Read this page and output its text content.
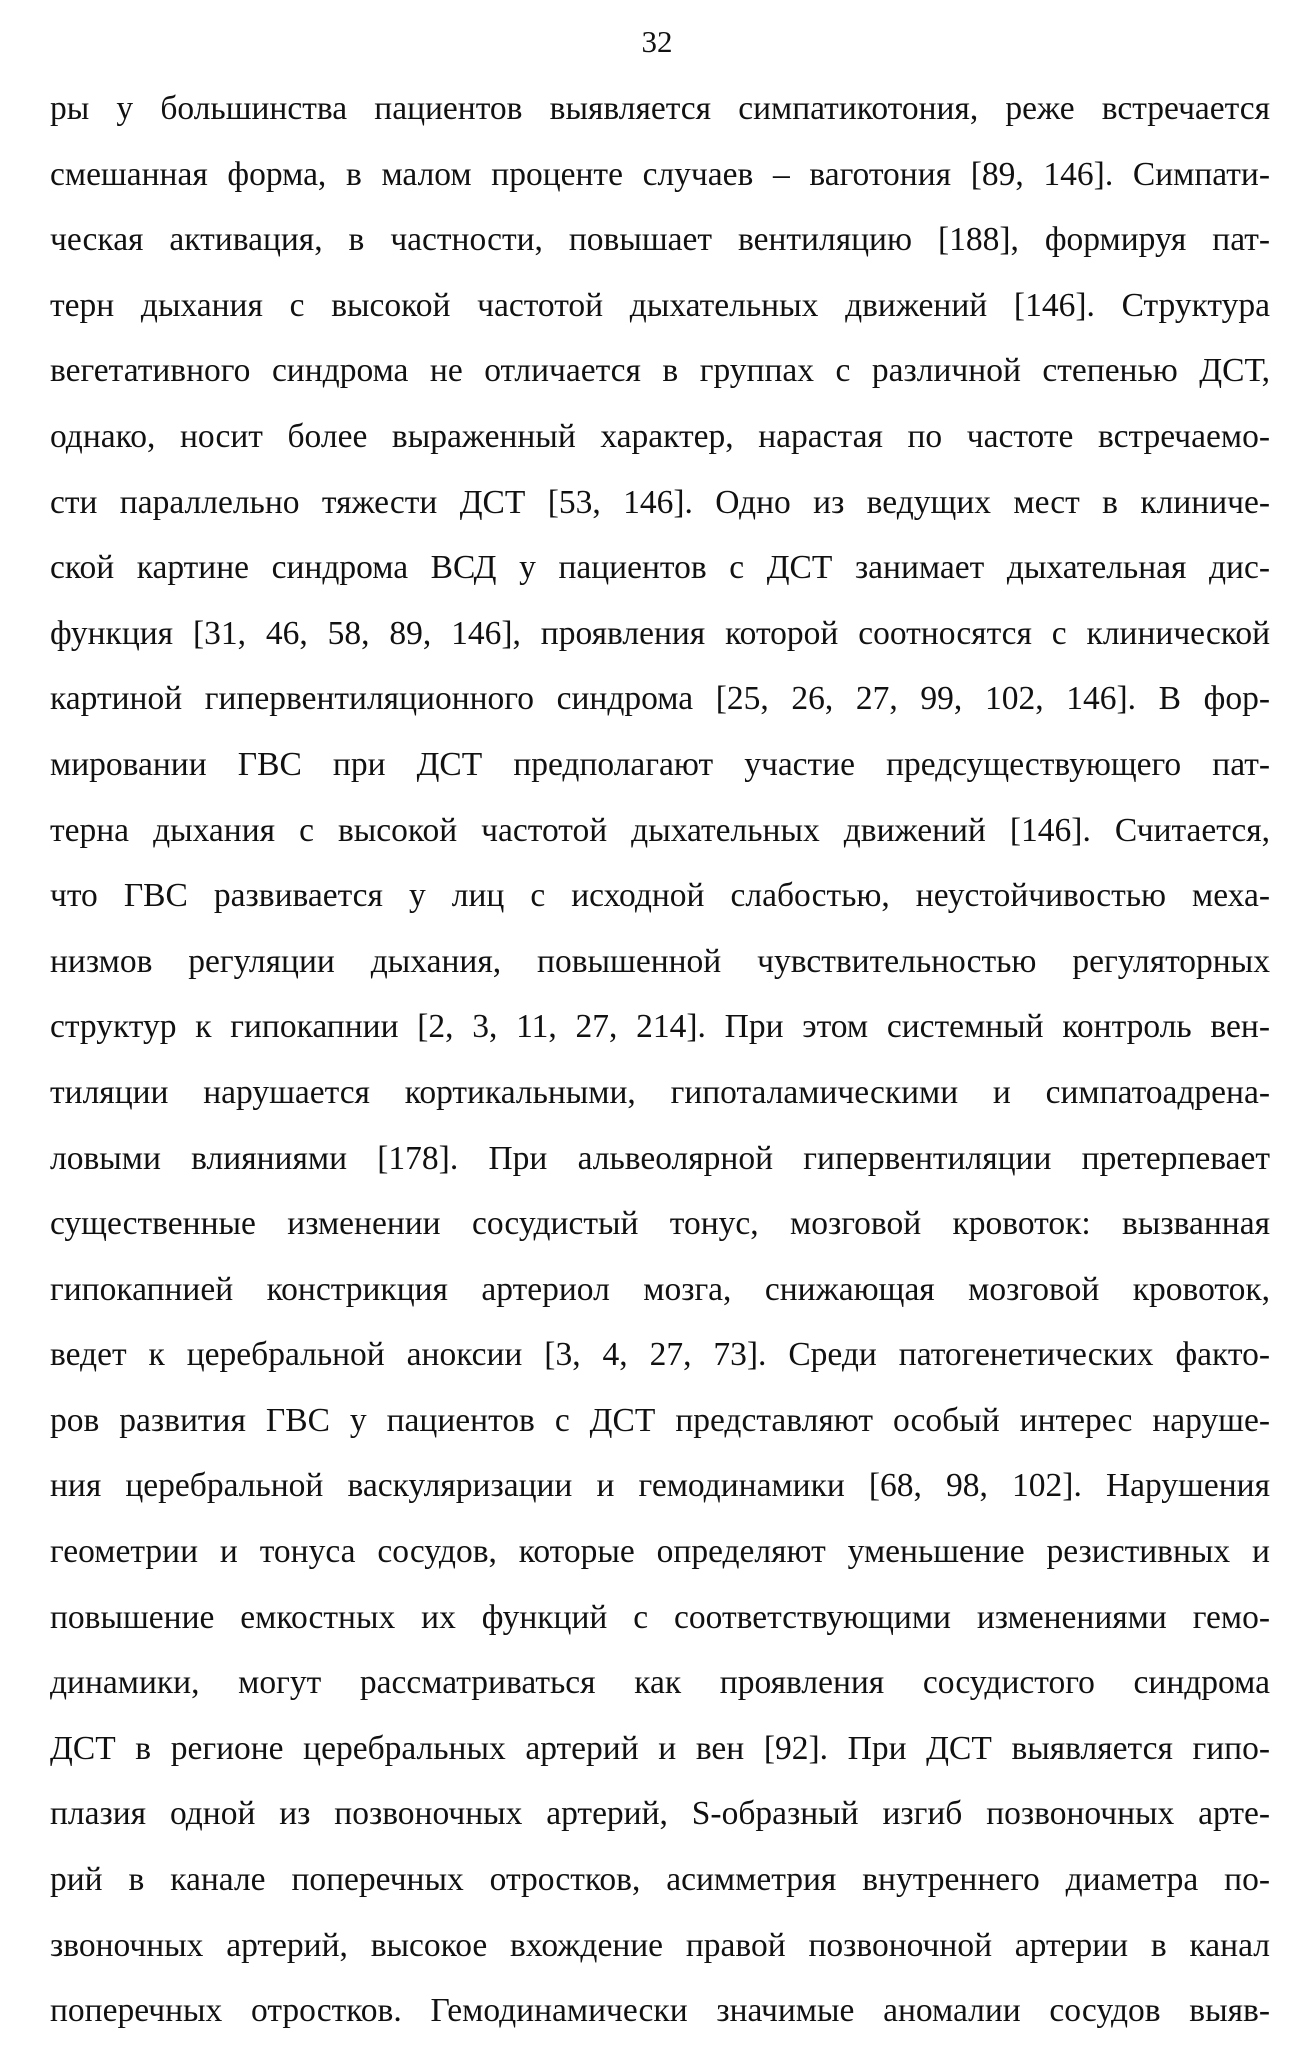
32
ры у большинства пациентов выявляется симпатикотония, реже встречается
смешанная форма, в малом проценте случаев – ваготония [89, 146]. Симпати-
ческая активация, в частности, повышает вентиляцию [188], формируя пат-
терн дыхания с высокой частотой дыхательных движений [146]. Структура
вегетативного синдрома не отличается в группах с различной степенью ДСТ,
однако, носит более выраженный характер, нарастая по частоте встречаемо-
сти параллельно тяжести ДСТ [53, 146]. Одно из ведущих мест в клиниче-
ской картине синдрома ВСД у пациентов с ДСТ занимает дыхательная дис-
функция [31, 46, 58, 89, 146], проявления которой соотносятся с клинической
картиной гипервентиляционного синдрома [25, 26, 27, 99, 102, 146]. В фор-
мировании ГВС при ДСТ предполагают участие предсуществующего пат-
терна дыхания с высокой частотой дыхательных движений [146]. Считается,
что ГВС развивается у лиц с исходной слабостью, неустойчивостью меха-
низмов регуляции дыхания, повышенной чувствительностью регуляторных
структур к гипокапнии [2, 3, 11, 27, 214]. При этом системный контроль вен-
тиляции нарушается кортикальными, гипоталамическими и симпатоадрена-
ловыми влияниями [178]. При альвеолярной гипервентиляции претерпевает
существенные изменении сосудистый тонус, мозговой кровоток: вызванная
гипокапнией констрикция артериол мозга, снижающая мозговой кровоток,
ведет к церебральной аноксии [3, 4, 27, 73]. Среди патогенетических факто-
ров развития ГВС у пациентов с ДСТ представляют особый интерес наруше-
ния церебральной васкуляризации и гемодинамики [68, 98, 102]. Нарушения
геометрии и тонуса сосудов, которые определяют уменьшение резистивных и
повышение емкостных их функций с соответствующими изменениями гемо-
динамики, могут рассматриваться как проявления сосудистого синдрома
ДСТ в регионе церебральных артерий и вен [92]. При ДСТ выявляется гипо-
плазия одной из позвоночных артерий, S-образный изгиб позвоночных арте-
рий в канале поперечных отростков, асимметрия внутреннего диаметра по-
звоночных артерий, высокое вхождение правой позвоночной артерии в канал
поперечных отростков. Гемодинамически значимые аномалии сосудов выяв-
